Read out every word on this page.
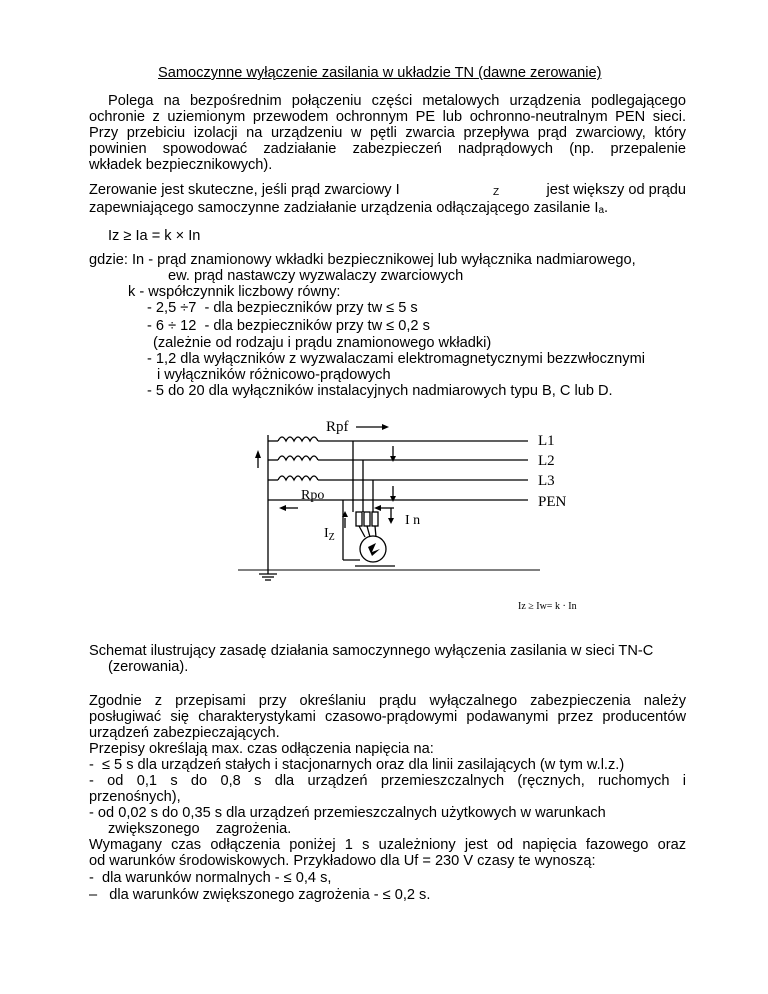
Samoczynne wyłączenie zasilania w układzie TN (dawne zerowanie)
Polega na bezpośrednim połączeniu części metalowych urządzenia podlegającego
ochronie z uziemionym przewodem ochronnym PE lub ochronno-neutralnym PEN sieci.
Przy przebiciu izolacji na urządzeniu w pętli zwarcia przepływa prąd zwarciowy, który
powinien spowodować zadziałanie zabezpieczeń nadprądowych (np. przepalenie
wkładek bezpiecznikowych).
Zerowanie jest skuteczne, jeśli prąd zwarciowy I	$_Z$	jest większy od prądu
zapewniającego samoczynne zadziałanie urządzenia odłączającego zasilanie $I_a$.
Iz ≥ Ia = k × In
gdzie: In - prąd znamionowy wkładki bezpiecznikowej lub wyłącznika nadmiarowego,
ew. prąd nastawczy wyzwalaczy zwarciowych
k - współczynnik liczbowy równy:
- 2,5 ÷7  - dla bezpieczników przy tw ≤ 5 s
- 6 ÷ 12  - dla bezpieczników przy tw ≤ 0,2 s
(zależnie od rodzaju i prądu znamionowego wkładki)
- 1,2 dla wyłączników z wyzwalaczami elektromagnetycznymi bezzwłocznymi
i wyłączników różnicowo-prądowych
- 5 do 20 dla wyłączników instalacyjnych nadmiarowych typu B, C lub D.
Rpf
Rpo
$I_Z$
I n
L1
L2
L3
PEN
Iz ≥ Iw= k · In
Schemat ilustrujący zasadę działania samoczynnego wyłączenia zasilania w sieci TN-C
(zerowania).
Zgodnie z przepisami przy określaniu prądu wyłączalnego zabezpieczenia należy
posługiwać się charakterystykami czasowo-prądowymi podawanymi przez producentów
urządzeń zabezpieczających.
Przepisy określają max. czas odłączenia napięcia na:
-  ≤ 5 s dla urządzeń stałych i stacjonarnych oraz dla linii zasilających (w tym w.l.z.)
- od 0,1 s do 0,8 s dla urządzeń przemieszczalnych (ręcznych, ruchomych i
przenośnych),
- od 0,02 s do 0,35 s dla urządzeń przemieszczalnych użytkowych w warunkach
zwiększonego    zagrożenia.
Wymagany czas odłączenia poniżej 1 s uzależniony jest od napięcia fazowego oraz
od warunków środowiskowych. Przykładowo dla Uf = 230 V czasy te wynoszą:
-  dla warunków normalnych - ≤ 0,4 s,
–   dla warunków zwiększonego zagrożenia - ≤ 0,2 s.
